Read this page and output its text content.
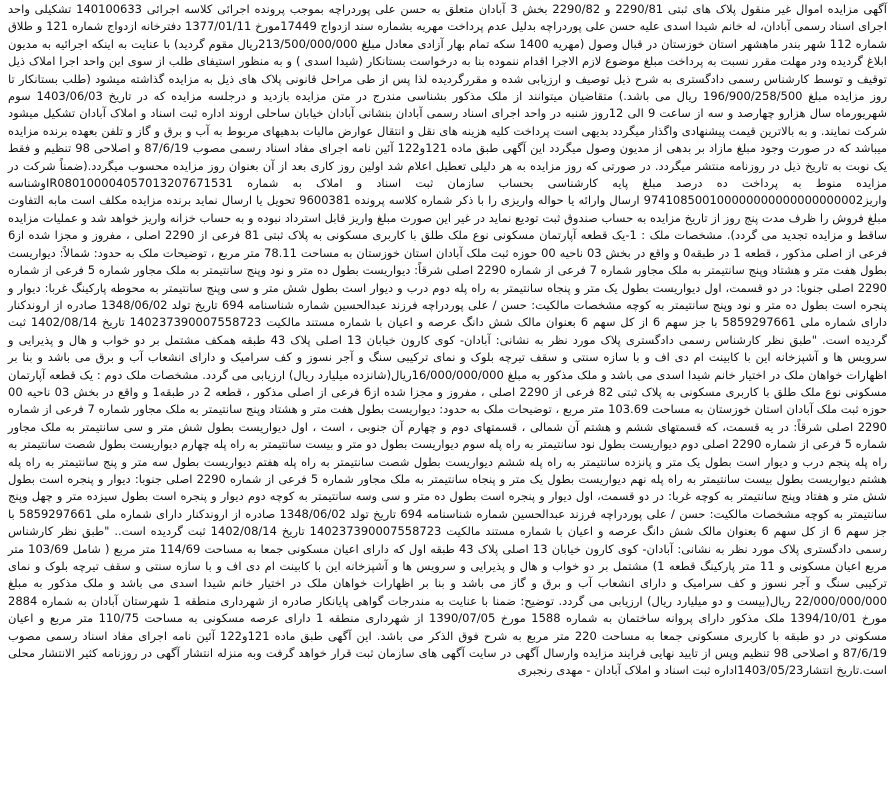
آگهی مزایده اموال غیر منقول پلاک های ثبتی 2290/81 و 2290/82 بخش 3 آبادان متعلق به حسن علی پوردراچه بموجب پرونده اجرائی کلاسه اجرائی 140100633 تشکیلی واحد اجرای اسناد رسمی آبادان، له خانم شیدا اسدی علیه حسن علی پوردراچه بدلیل عدم پرداخت مهریه بشماره سند ازدواج 17449مورخ 1377/01/11 دفترخانه ازدواج شماره 121 و طلاق شماره 112 شهر بندر ماهشهر استان خوزستان در قبال وصول (مهریه 1400 سکه تمام بهار آزادی معادل مبلغ 213/500/000/000ریال مقوم گردید) با عنایت به اینکه اجرائیه به مدیون ابلاغ گردیده ودر مهلت مقرر نسبت به پرداخت مبلغ موضوع لازم الاجرا اقدام ننموده بنا به درخواست بستانکار (شیدا اسدی ) و به منظور استیفای طلب از سوی این واحد اجرا املاک ذیل توقیف و توسط کارشناس رسمی دادگستری به شرح ذیل توصیف و ارزیابی شده و مقررگردیده لذا پس از طی مراحل قانونی پلاک های ذیل به مزایده گذاشته میشود (طلب بستانکار تا روز مزایده مبلغ 196/900/258/500 ریال می باشد.) متقاضیان میتوانند از ملک مذکور بشناسی مندرج در متن مزایده بازدید و درجلسه مزایده که در تاریخ 1403/06/03 سوم شهریورماه سال هزارو چهارصد و سه از ساعت 9 الی 12روز شنبه در واحد اجرای اسناد رسمی آبادان بنشانی آبادان خیابان ساحلی اروند اداره ثبت اسناد و املاک آبادان تشکیل میشود شرکت نمایند. و به بالاترین قیمت پیشنهادی واگذار میگردد بدیهی است پرداخت کلیه هزینه های نقل و انتقال عوارض مالیات بدهیهای مربوط به آب و برق و گاز و تلفن بعهده برنده مزایده میباشد که در صورت وجود مبلغ مازاد بر بدهی از مدیون وصول میگردد این آگهی طبق ماده 121و122 آئین نامه اجرای مفاد اسناد رسمی مصوب 87/6/19 و اصلاحی 98 تنظیم و فقط یک نوبت به تاریخ ذیل در روزنامه منتشر میگردد. در صورتی که روز مزایده به هر دلیلی تعطیل اعلام شد اولین روز کاری بعد از آن بعنوان روز مزایده محسوب میگردد.(ضمناً شرکت در مزایده منوط به پرداخت ده درصد مبلغ پایه کارشناسی بحساب سازمان ثبت اسناد و املاک به شماره IR080100004057013207671531وشناسه واریز974108500100000000000000000002 ارسال وارائه یا حواله واریزی را با ذکر شماره کلاسه پرونده 9600381 تحویل یا ارسال نماید برنده مزایده مکلف است مابه التفاوت مبلغ فروش را ظرف مدت پنج روز از تاریخ مزایده به حساب صندوق ثبت تودیع نماید در غیر این صورت مبلغ واریز قابل استرداد نبوده و به حساب خزانه واریز خواهد شد و عملیات مزایده ساقط و مزایده تجدید می گردد). مشخصات ملک : 1-یک قطعه آپارتمان مسکونی نوع ملک طلق با کاربری مسکونی به پلاک ثبتی 81 فرعی از 2290 اصلی ، مفروز و مجزا شده از6 فرعی از اصلی مذکور ، قطعه 1 در طبقه0 و واقع در بخش 03 ناحیه 00 حوزه ثبت ملک آبادان استان خوزستان به مساحت 78.11 متر مربع ، توضیحات ملک به حدود: شمالاً: دیواریست بطول هفت متر و هشتاد وپنج سانتیمتر به ملک مجاور شماره 7 فرعی از شماره 2290 اصلی شرقاً: دیواریست بطول ده متر و نود وپنج سانتیمتر به ملک مجاور شماره 5 فرعی از شماره 2290 اصلی جنوبا: در دو قسمت، اول دیواریست بطول یک متر و پنجاه سانتیمتر به راه پله دوم درب و دیوار است بطول شش متر و سی وپنج سانتیمتر به محوطه پارکینگ غربا: دیوار و پنجره است بطول ده متر و نود وپنج سانتیمتر به کوچه مشخصات مالکیت: حسن / علی پوردراچه فرزند عبدالحسین شماره شناسنامه 694 تاریخ تولد 1348/06/02 صادره از اروندکنار دارای شماره ملی 5859297661 با جز سهم 6 از کل سهم 6 بعنوان مالک شش دانگ عرصه و اعیان با شماره مستند مالکیت 140237390007558723 تاریخ 1402/08/14 ثبت گردیده است. "طبق نظر کارشناس رسمی دادگستری پلاک مورد نظر به نشانی: آبادان- کوی کارون خیابان 13 اصلی پلاک 43 طبقه همکف مشتمل بر دو خواب و هال و پذیرایی و سرویس ها و آشپزخانه این با کابینت ام دی اف و با سازه سنتی و سقف تیرچه بلوک و نمای ترکیبی سنگ و آجر نسوز و کف سرامیک و دارای انشعاب آب و برق می باشد و بنا بر اظهارات خواهان ملک در اختیار خانم شیدا اسدی می باشد و ملک مذکور به مبلغ 16/000/000/000ریال(شانزده میلیارد ریال) ارزیابی می گردد. مشخصات ملک دوم : یک قطعه آپارتمان مسکونی نوع ملک طلق با کاربری مسکونی به پلاک ثبتی 82 فرعی از 2290 اصلی ، مفروز و مجزا شده از6 فرعی از اصلی مذکور ، قطعه 2 در طبقه1 و واقع در بخش 03 ناحیه 00 حوزه ثبت ملک آبادان استان خوزستان به مساحت 103.69 متر مربع ، توضیحات ملک به حدود: دیواریست بطول هفت متر و هشتاد وپنج سانتیمتر به ملک مجاور شماره 7 فرعی از شماره 2290 اصلی شرقاً: در یه قسمت، که قسمتهای ششم و هشتم آن شمالی ، قسمتهای دوم و چهارم آن جنوبی ، است ، اول دیواریست بطول شش متر و سی سانتیمتر به ملک مجاور شماره 5 فرعی از شماره 2290 اصلی دوم دیواریست بطول نود سانتیمتر به راه پله سوم دیواریست بطول دو متر و بیست سانتیمتر به راه پله چهارم دیواریست بطول شصت سانتیمتر به راه پله پنجم درب و دیوار است بطول یک متر و پانزده سانتیمتر به راه پله ششم دیواریست بطول شصت سانتیمتر به راه پله هفتم دیواریست بطول سه متر و پنج سانتیمتر به راه پله هشتم دیواریست بطول بیست سانتیمتر به راه پله نهم دیواریست بطول یک متر و پنجاه سانتیمتر به ملک مجاور شماره 5 فرعی از شماره 2290 اصلی جنوبا: دیوار و پنجره است بطول شش متر و هفتاد وپنج سانتیمتر به کوچه غربا: در دو قسمت، اول دیوار و پنجره است بطول ده متر و سی وسه سانتیمتر به کوچه دوم دیوار و پنجره است بطول سیزده متر و چهل وپنج سانتیمتر به کوچه مشخصات مالکیت: حسن / علی پوردراچه فرزند عبدالحسین شماره شناسنامه 694 تاریخ تولد 1348/06/02 صادره از اروندکنار دارای شماره ملی 5859297661 با جز سهم 6 از کل سهم 6 بعنوان مالک شش دانگ عرصه و اعیان با شماره مستند مالکیت 140237390007558723 تاریخ 1402/08/14 ثبت گردیده است.. "طبق نظر کارشناس رسمی دادگستری پلاک مورد نظر به نشانی: آبادان- کوی کارون خیابان 13 اصلی پلاک 43 طبقه اول که دارای اعیان مسکونی جمعا به مساحت 114/69 متر مربع ( شامل 103/69 متر مربع اعیان مسکونی و 11 متر پارکینگ قطعه 1) مشتمل بر دو خواب و هال و پذیرایی و سرویس ها و آشپزخانه این با کابینت ام دی اف و با سازه سنتی و سقف تیرچه بلوک و نمای ترکیبی سنگ و آجر نسوز و کف سرامیک و دارای انشعاب آب و برق و گاز می باشد و بنا بر اظهارات خواهان ملک در اختیار خانم شیدا اسدی می باشد و ملک مذکور به مبلغ 22/000/000/000 ریال(بیست و دو میلیارد ریال) ارزیابی می گردد. توضیح: ضمنا با عنایت به مندرجات گواهی پایانکار صادره از شهرداری منطقه 1 شهرستان آبادان به شماره 2884 مورخ 1394/10/01 ملک مذکور دارای پروانه ساختمان به شماره 1588 مورخ 1390/07/05 از شهرداری منطقه 1 دارای عرصه مسکونی به مساحت 110/75 متر مربع و اعیان مسکونی در دو طبقه با کاربری مسکونی جمعا به مساحت 220 متر مربع به شرح فوق الذکر می باشد. این آگهی طبق ماده 121و122 آئین نامه اجرای مفاد اسناد رسمی مصوب 87/6/19 و اصلاحی 98 تنظیم وپس از تایید نهایی فرایند مزایده وارسال آگهی در سایت آگهی های سازمان ثبت قرار خواهد گرفت وبه منزله انتشار آگهی در روزنامه کثیر الانتشار محلی است.تاریخ انتشار1403/05/23اداره ثبت اسناد و املاک آبادان - مهدی رنجبری
